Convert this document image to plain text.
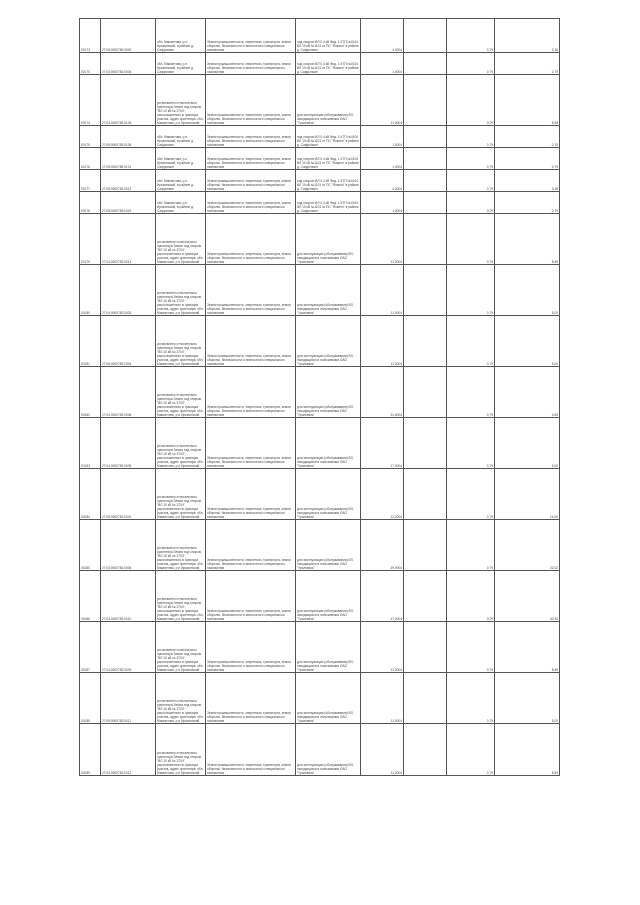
00173	27:08:0000780:0000	обл. Мамонтова, р-н Ирынинский, в районе д. Сафронкин	Земли промышленности, энергетики, транспорта, земли обороны, безопасности и земли иного специального назначения	под опорою ВЛ 0,4 кВ Фид. 1 КТП №0104 ВЛ 10 кВ №1101 от ПС "Ялкино" в районе д. Сафронкин	4,0004		0,79	3,16
00175	27:04:0000783:0004	обл. Мамонтова, р-н Ирынинский, в районе д. Сафронкин	Земли промышленности, энергетики, транспорта, земли обороны, безопасности и земли иного специального назначения	под опорою ВЛ 0,4 кВ Фид. 1 КТП №0104 ВЛ 10 кВ №1101 от ПС "Ялкино" в районе д. Сафронкин	1,0004		0,79	0,79
00174	27:04:0000782:0104	установлено относительно ориентира Земля под опорою "ВЛ-10 кВ № 3704", расположенного в границах участка, адрес ориентира: обл. Мамонтова, р-н Ирынинский	Земли промышленности, энергетики, транспорта, земли обороны, безопасности и земли иного специального назначения	для эксплуатации (обслуживания) ВЛ, находящихся в пользовании ОАО "Уралсвязь"	11,0004		0,79	8,69
00175	27:08:0000783:0106	обл. Мамонтова, р-н Ирынинский, в районе д. Сафронкин	Земли промышленности, энергетики, транспорта, земли обороны, безопасности и земли иного специального назначения	под опорою ВЛ 0,4 кВ Фид. 1 КТП №0104 ВЛ 10 кВ №1101 от ПС "Ялкино" в районе д. Сафронкин	1,0004		0,79	0,79
00176	27:08:0000785:0101	обл. Мамонтова, р-н Ирынинский, в районе д. Сафронкин	Земли промышленности, энергетики, транспорта, земли обороны, безопасности и земли иного специального назначения	под опорою ВЛ 0,4 кВ Фид. 1 КТП №0104 ВЛ 10 кВ №1101 от ПС "Ялкино" в районе д. Сафронкин	1,0004		0,79	0,79
00177	27:08:0000783:0013	обл. Мамонтова, р-н Ирынинский, в районе д. Сафронкин	Земли промышленности, энергетики, транспорта, земли обороны, безопасности и земли иного специального назначения	под опорою ВЛ 0,4 кВ Фид. 1 КТП №0104 ВЛ 10 кВ №1101 от ПС "Ялкино" в районе д. Сафронкин	4,0004		0,79	3,16
00178	27:08:0000783:0043	обл. Мамонтова, р-н Ирынинский, в районе д. Сафронкин	Земли промышленности, энергетики, транспорта, земли обороны, безопасности и земли иного специального назначения	под опорою ВЛ 0,4 кВ Фид. 1 КТП №0104 ВЛ 10 кВ №1101 от ПС "Ялкино" в районе д. Сафронкин	1,0004		0,79	0,79
00179	27:04:0000782:0013	установлено относительно ориентира Земля под опорою "ВЛ-10 кВ № 3704", расположенного в границах участка, адрес ориентира: обл. Мамонтова, р-н Ирынинский	Земли промышленности, энергетики, транспорта, земли обороны, безопасности и земли иного специального назначения	для эксплуатации (обслуживания) ВЛ, находящихся в пользовании ОАО "Уралсвязь"	11,0004		0,79	8,69
00180	27:04:0000782:0003	установлено относительно ориентира Земля под опорою "ВЛ-10 кВ № 3704", расположенного в границах участка, адрес ориентира: обл. Мамонтова, р-н Ирынинский	Земли промышленности, энергетики, транспорта, земли обороны, безопасности и земли иного специального назначения	для эксплуатации (обслуживания) ВЛ, находящихся в пользовании ОАО "Уралсвязь"	11,0004		0,79	5,00
00181	27:08:0000782:0004	установлено относительно ориентира Земля под опорою "ВЛ-10 кВ № 3704", расположенного в границах участка, адрес ориентира: обл. Мамонтова, р-н Ирынинский	Земли промышленности, энергетики, транспорта, земли обороны, безопасности и земли иного специального назначения	для эксплуатации (обслуживания) ВЛ, находящихся в пользовании ОАО "Уралсвязь"	11,0004		0,79	5,00
00182	27:04:0000782:0006	установлено относительно ориентира Земля под опорою "ВЛ-10 кВ № 3704", расположенного в границах участка, адрес ориентира: обл. Мамонтова, р-н Ирынинский	Земли промышленности, энергетики, транспорта, земли обороны, безопасности и земли иного специального назначения	для эксплуатации (обслуживания) ВЛ, находящихся в пользовании ОАО "Уралсвязь"	31,0004		0,79	4,69
00183	27:04:0000782:0005	установлено относительно ориентира Земля под опорою "ВЛ-10 кВ № 3704", расположенного в границах участка, адрес ориентира: обл. Мамонтова, р-н Ирынинский	Земли промышленности, энергетики, транспорта, земли обороны, безопасности и земли иного специального назначения	для эксплуатации (обслуживания) ВЛ, находящихся в пользовании ОАО "Уралсвязь"	17,0004		0,79	5,00
00184	27:08:0000782:0001	установлено относительно ориентира Земля под опорою "ВЛ-10 кВ № 3704", расположенного в границах участка, адрес ориентира: обл. Мамонтова, р-н Ирынинский	Земли промышленности, энергетики, транспорта, земли обороны, безопасности и земли иного специального назначения	для эксплуатации (обслуживания) ВЛ, находящихся в пользовании ОАО "Уралсвязь"	12,0004		0,79	14,00
00185	27:04:0000782:0006	установлено относительно ориентира Земля под опорою "ВЛ-10 кВ № 3704", расположенного в границах участка, адрес ориентира: обл. Мамонтова, р-н Ирынинский	Земли промышленности, энергетики, транспорта, земли обороны, безопасности и земли иного специального назначения	для эксплуатации (обслуживания) ВЛ, находящихся в пользовании ОАО "Уралсвязь"	29,0004		0,79	22,02
00186	27:04:0000782:0010	установлено относительно ориентира Земля под опорою "ВЛ-10 кВ № 3704", расположенного в границах участка, адрес ориентира: обл. Мамонтова, р-н Ирынинский	Земли промышленности, энергетики, транспорта, земли обороны, безопасности и земли иного специального назначения	для эксплуатации (обслуживания) ВЛ, находящихся в пользовании ОАО "Уралсвязь"	47,0004		0,79	40,34
00187	27:04:0000782:0009	установлено относительно ориентира Земля под опорою "ВЛ-10 кВ № 3704", расположенного в границах участка, адрес ориентира: обл. Мамонтова, р-н Ирынинский	Земли промышленности, энергетики, транспорта, земли обороны, безопасности и земли иного специального назначения	для эксплуатации (обслуживания) ВЛ, находящихся в пользовании ОАО "Уралсвязь"	11,0004		0,79	8,69
00188	27:08:0000782:0011	установлено относительно ориентира Земля под опорою "ВЛ-10 кВ № 3704", расположенного в границах участка, адрес ориентира: обл. Мамонтова, р-н Ирынинский	Земли промышленности, энергетики, транспорта, земли обороны, безопасности и земли иного специального назначения	для эксплуатации (обслуживания) ВЛ, находящихся в пользовании ОАО "Уралсвязь"	11,0004		0,79	5,00
00189	27:04:0000782:0012	установлено относительно ориентира Земля под опорою "ВЛ-10 кВ № 3704", расположенного в границах участка, адрес ориентира: обл. Мамонтова, р-н Ирынинский	Земли промышленности, энергетики, транспорта, земли обороны, безопасности и земли иного специального назначения	для эксплуатации (обслуживания) ВЛ, находящихся в пользовании ОАО "Уралсвязь"	11,0004		0,79	8,69
